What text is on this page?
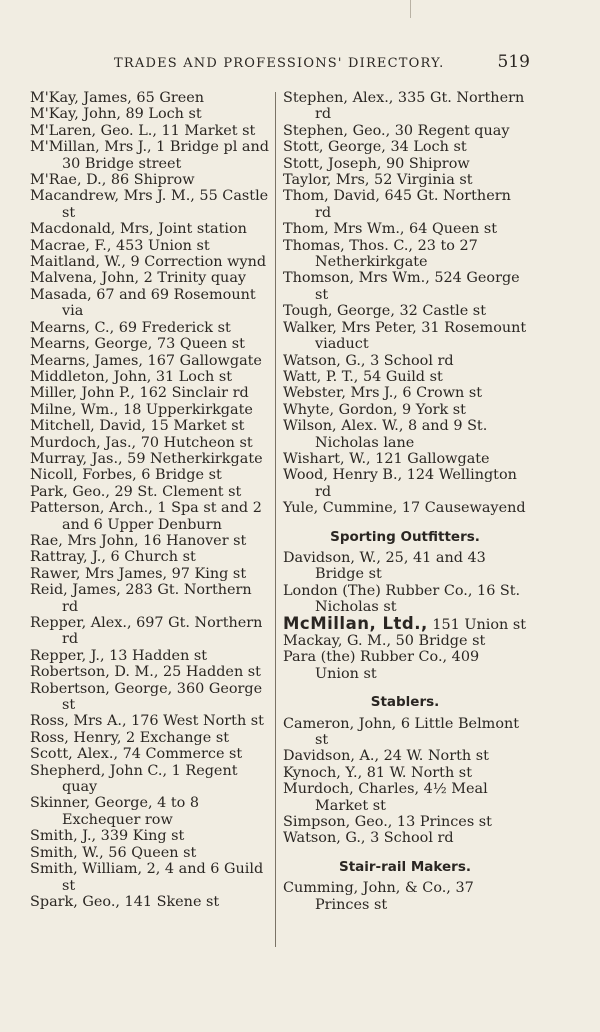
TRADES AND PROFESSIONS' DIRECTORY.	519
M'Kay, James, 65 Green
M'Kay, John, 89 Loch st
M'Laren, Geo. L., 11 Market st
M'Millan, Mrs J., 1 Bridge pl and 30 Bridge street
M'Rae, D., 86 Shiprow
Macandrew, Mrs J. M., 55 Castle st
Macdonald, Mrs, Joint station
Macrae, F., 453 Union st
Maitland, W., 9 Correction wynd
Malvena, John, 2 Trinity quay
Masada, 67 and 69 Rosemount via
Mearns, C., 69 Frederick st
Mearns, George, 73 Queen st
Mearns, James, 167 Gallowgate
Middleton, John, 31 Loch st
Miller, John P., 162 Sinclair rd
Milne, Wm., 18 Upperkirkgate
Mitchell, David, 15 Market st
Murdoch, Jas., 70 Hutcheon st
Murray, Jas., 59 Netherkirkgate
Nicoll, Forbes, 6 Bridge st
Park, Geo., 29 St. Clement st
Patterson, Arch., 1 Spa st and 2 and 6 Upper Denburn
Rae, Mrs John, 16 Hanover st
Rattray, J., 6 Church st
Rawer, Mrs James, 97 King st
Reid, James, 283 Gt. Northern rd
Repper, Alex., 697 Gt. Northern rd
Repper, J., 13 Hadden st
Robertson, D. M., 25 Hadden st
Robertson, George, 360 George st
Ross, Mrs A., 176 West North st
Ross, Henry, 2 Exchange st
Scott, Alex., 74 Commerce st
Shepherd, John C., 1 Regent quay
Skinner, George, 4 to 8 Exchequer row
Smith, J., 339 King st
Smith, W., 56 Queen st
Smith, William, 2, 4 and 6 Guild st
Spark, Geo., 141 Skene st
Stephen, Alex., 335 Gt. Northern rd
Stephen, Geo., 30 Regent quay
Stott, George, 34 Loch st
Stott, Joseph, 90 Shiprow
Taylor, Mrs, 52 Virginia st
Thom, David, 645 Gt. Northern rd
Thom, Mrs Wm., 64 Queen st
Thomas, Thos. C., 23 to 27 Netherkirkgate
Thomson, Mrs Wm., 524 George st
Tough, George, 32 Castle st
Walker, Mrs Peter, 31 Rosemount viaduct
Watson, G., 3 School rd
Watt, P. T., 54 Guild st
Webster, Mrs J., 6 Crown st
Whyte, Gordon, 9 York st
Wilson, Alex. W., 8 and 9 St. Nicholas lane
Wishart, W., 121 Gallowgate
Wood, Henry B., 124 Wellington rd
Yule, Cummine, 17 Causewayend
Sporting Outfitters.
Davidson, W., 25, 41 and 43 Bridge st
London (The) Rubber Co., 16 St. Nicholas st
McMillan, Ltd., 151 Union st
Mackay, G. M., 50 Bridge st
Para (the) Rubber Co., 409 Union st
Stablers.
Cameron, John, 6 Little Belmont st
Davidson, A., 24 W. North st
Kynoch, Y., 81 W. North st
Murdoch, Charles, 4½ Meal Market st
Simpson, Geo., 13 Princes st
Watson, G., 3 School rd
Stair-rail Makers.
Cumming, John, & Co., 37 Princes st
